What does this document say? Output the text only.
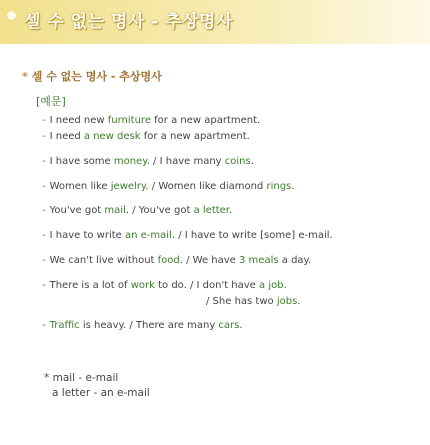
셀 수 없는 명사 - 추상명사
* 셀 수 없는 명사 - 추상명사
[예문]
- I need new furniture for a new apartment.
- I need a new desk for a new apartment.
- I have some money. / I have many coins.
- Women like jewelry. / Women like diamond rings.
- You've got mail. / You've got a letter.
- I have to write an e-mail. / I have to write [some] e-mail.
- We can't live without food. / We have 3 meals a day.
- There is a lot of work to do. / I don't have a job.
/ She has two jobs.
- Traffic is heavy. / There are many cars.
* mail - e-mail
a letter - an e-mail
